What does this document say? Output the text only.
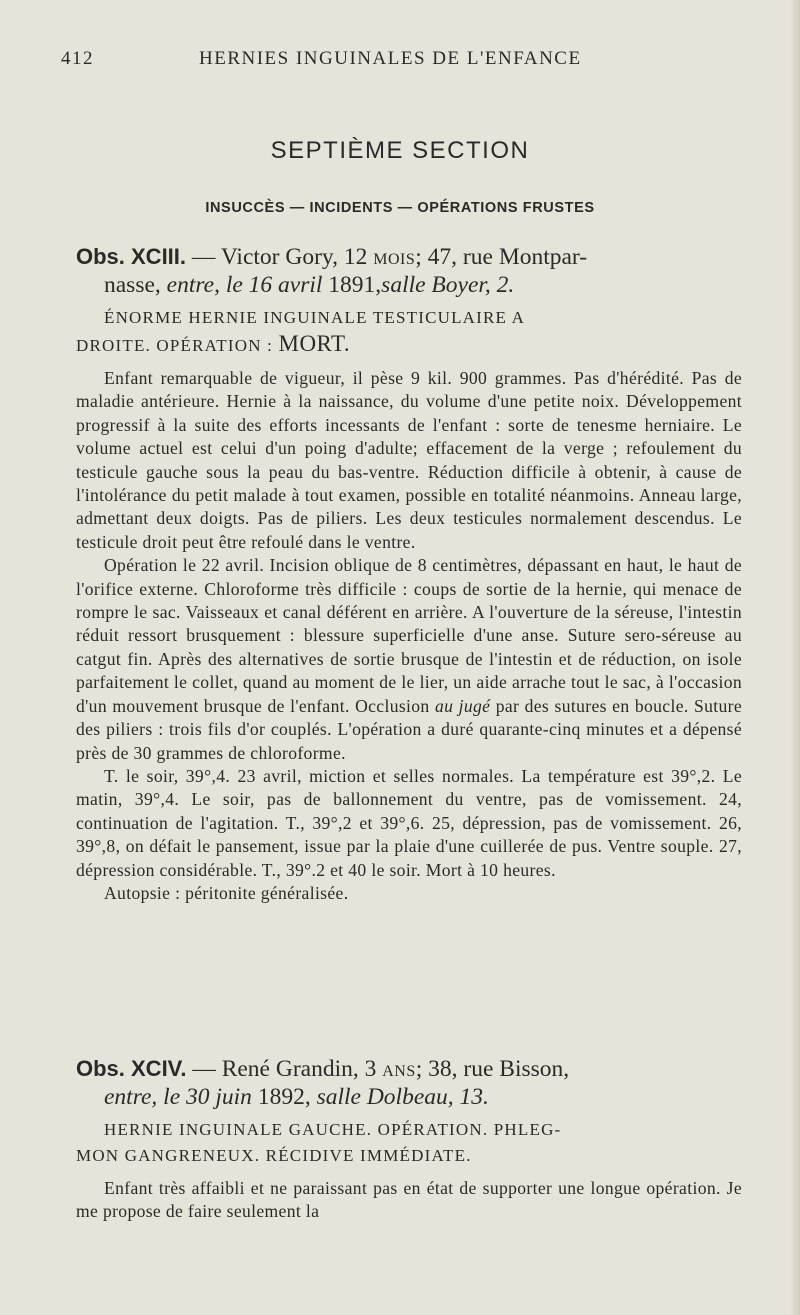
412	HERNIES INGUINALES DE L'ENFANCE
SEPTIÈME SECTION
INSUCCÈS — INCIDENTS — OPÉRATIONS FRUSTES
Obs. XCIII. — Victor Gory, 12 mois; 47, rue Montpar-
nasse, entre, le 16 avril 1891,salle Boyer, 2.
ÉNORME HERNIE INGUINALE TESTICULAIRE A
DROITE. OPÉRATION : MORT.

Enfant remarquable de vigueur, il pèse 9 kil. 900 grammes. Pas d'hérédité. Pas de maladie antérieure. Hernie à la naissance, du volume d'une petite noix. Développement progressif à la suite des efforts incessants de l'enfant : sorte de tenesme herniaire. Le volume actuel est celui d'un poing d'adulte; effacement de la verge ; refoulement du testicule gauche sous la peau du bas-ventre. Réduction difficile à obtenir, à cause de l'intolérance du petit malade à tout examen, possible en totalité néanmoins. Anneau large, admettant deux doigts. Pas de piliers. Les deux testicules normalement descendus. Le testicule droit peut être refoulé dans le ventre.

Opération le 22 avril. Incision oblique de 8 centimètres, dépassant en haut, le haut de l'orifice externe. Chloroforme très difficile : coups de sortie de la hernie, qui menace de rompre le sac. Vaisseaux et canal déférent en arrière. A l'ouverture de la séreuse, l'intestin réduit ressort brusquement : blessure superficielle d'une anse. Suture sero-séreuse au catgut fin. Après des alternatives de sortie brusque de l'intestin et de réduction, on isole parfaitement le collet, quand au moment de le lier, un aide arrache tout le sac, à l'occasion d'un mouvement brusque de l'enfant. Occlusion au jugé par des sutures en boucle. Suture des piliers : trois fils d'or couplés. L'opération a duré quarante-cinq minutes et a dépensé près de 30 grammes de chloroforme.

T. le soir, 39°,4. 23 avril, miction et selles normales. La température est 39°,2. Le matin, 39°,4. Le soir, pas de ballonnement du ventre, pas de vomissement. 24, continuation de l'agitation. T., 39°,2 et 39°,6. 25, dépression, pas de vomissement. 26, 39°,8, on défait le pansement, issue par la plaie d'une cuillerée de pus. Ventre souple. 27, dépression considérable. T., 39°.2 et 40 le soir. Mort à 10 heures.

Autopsie : péritonite généralisée.

Obs. XCIV. — René Grandin, 3 ans; 38, rue Bisson,
entre, le 30 juin 1892, salle Dolbeau, 13.
HERNIE INGUINALE GAUCHE. OPÉRATION. PHLEG-
MON GANGRENEUX. RÉCIDIVE IMMÉDIATE.

Enfant très affaibli et ne paraissant pas en état de supporter une longue opération. Je me propose de faire seulement la
